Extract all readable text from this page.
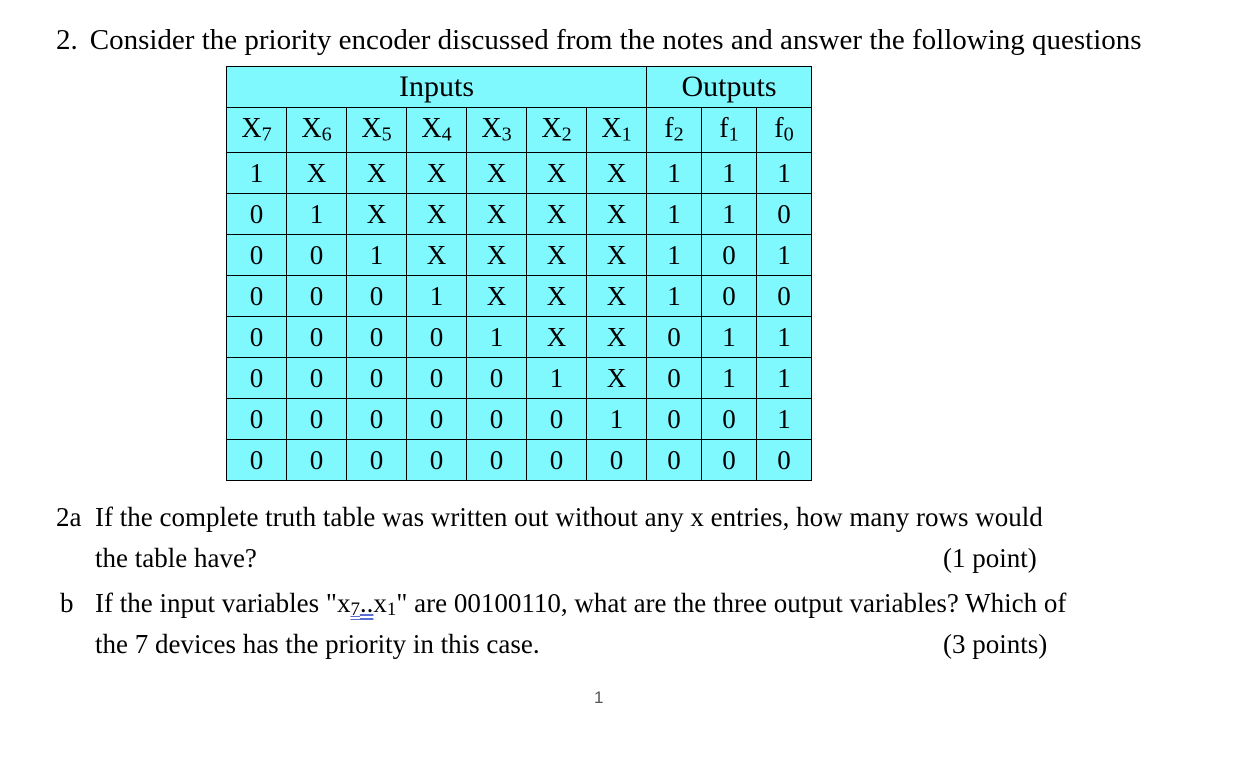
2. Consider the priority encoder discussed from the notes and answer the following questions
Inputs							Outputs		
X7	X6	X5	X4	X3	X2	X1	f2	f1	f0
1	X	X	X	X	X	X	1	1	1
0	1	X	X	X	X	X	1	1	0
0	0	1	X	X	X	X	1	0	1
0	0	0	1	X	X	X	1	0	0
0	0	0	0	1	X	X	0	1	1
0	0	0	0	0	1	X	0	1	1
0	0	0	0	0	0	1	0	0	1
0	0	0	0	0	0	0	0	0	0
2a If the complete truth table was written out without any x entries, how many rows would
the table have?	(1 point)
b If the input variables "x7..x1" are 00100110, what are the three output variables? Which of
the 7 devices has the priority in this case.	(3 points)
1
